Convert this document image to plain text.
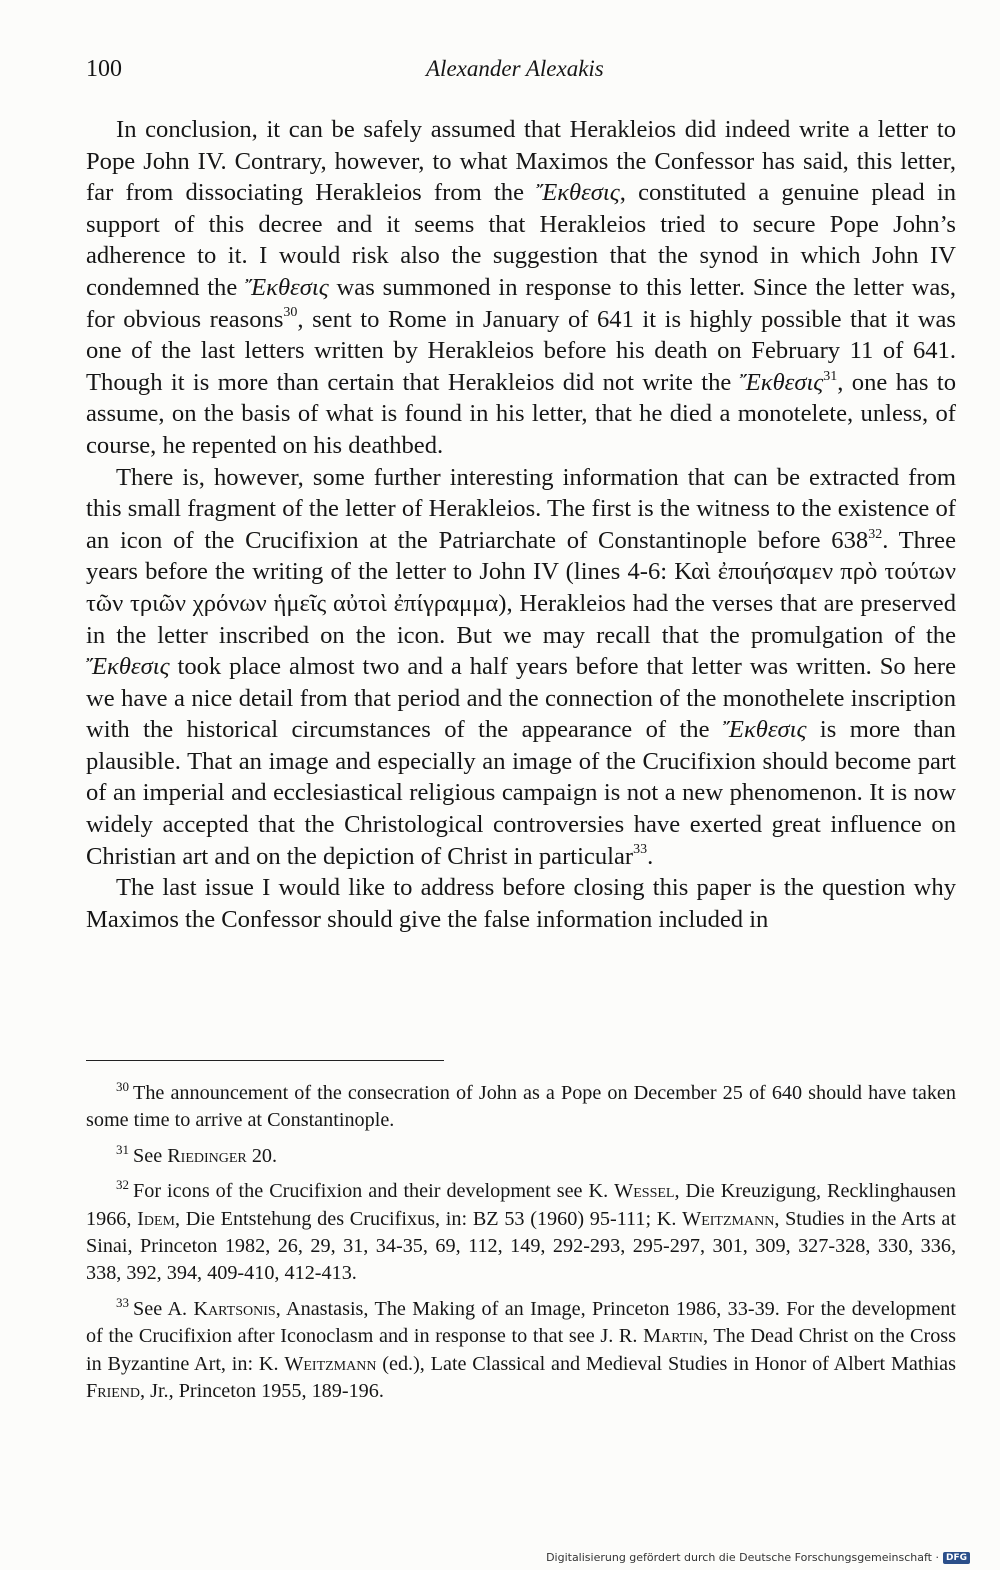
100	Alexander Alexakis

In conclusion, it can be safely assumed that Herakleios did indeed write a letter to Pope John IV. Contrary, however, to what Maximos the Confessor has said, this letter, far from dissociating Herakleios from the Ἔκθεσις, constituted a genuine plead in support of this decree and it seems that Herakleios tried to secure Pope John’s adherence to it. I would risk also the suggestion that the synod in which John IV condemned the Ἔκθεσις was summoned in response to this letter. Since the letter was, for obvious reasons$^{30}$, sent to Rome in January of 641 it is highly possible that it was one of the last letters written by Herakleios before his death on February 11 of 641. Though it is more than certain that Herakleios did not write the Ἔκθεσις$^{31}$, one has to assume, on the basis of what is found in his letter, that he died a monotelete, unless, of course, he repented on his deathbed.

There is, however, some further interesting information that can be extracted from this small fragment of the letter of Herakleios. The first is the witness to the existence of an icon of the Crucifixion at the Patriarchate of Constantinople before $638^{32}$. Three years before the writing of the letter to John IV (lines 4-6: Καὶ ἐποιήσαμεν πρὸ τούτων τῶν τριῶν χρόνων ἡμεῖς αὐτοὶ ἐπίγραμμα), Herakleios had the verses that are preserved in the letter inscribed on the icon. But we may recall that the promulgation of the Ἔκθεσις took place almost two and a half years before that letter was written. So here we have a nice detail from that period and the connection of the monothelete inscription with the historical circumstances of the appearance of the Ἔκθεσις is more than plausible. That an image and especially an image of the Crucifixion should become part of an imperial and ecclesiastical religious campaign is not a new phenomenon. It is now widely accepted that the Christological controversies have exerted great influence on Christian art and on the depiction of Christ in particular$^{33}$.

The last issue I would like to address before closing this paper is the question why Maximos the Confessor should give the false information included in

$^{30}$ The announcement of the consecration of John as a Pope on December 25 of 640 should have taken some time to arrive at Constantinople.

$^{31}$ See Riedinger 20.

$^{32}$ For icons of the Crucifixion and their development see K. Wessel, Die Kreuzigung, Recklinghausen 1966, Idem, Die Entstehung des Crucifixus, in: BZ 53 (1960) 95-111; K. Weitzmann, Studies in the Arts at Sinai, Princeton 1982, 26, 29, 31, 34-35, 69, 112, 149, 292-293, 295-297, 301, 309, 327-328, 330, 336, 338, 392, 394, 409-410, 412-413.

$^{33}$ See A. Kartsonis, Anastasis, The Making of an Image, Princeton 1986, 33-39. For the development of the Crucifixion after Iconoclasm and in response to that see J. R. Martin, The Dead Christ on the Cross in Byzantine Art, in: K. Weitzmann (ed.), Late Classical and Medieval Studies in Honor of Albert Mathias Friend, Jr., Princeton 1955, 189-196.

Digitalisierung gefördert durch die Deutsche Forschungsgemeinschaft · DFG
